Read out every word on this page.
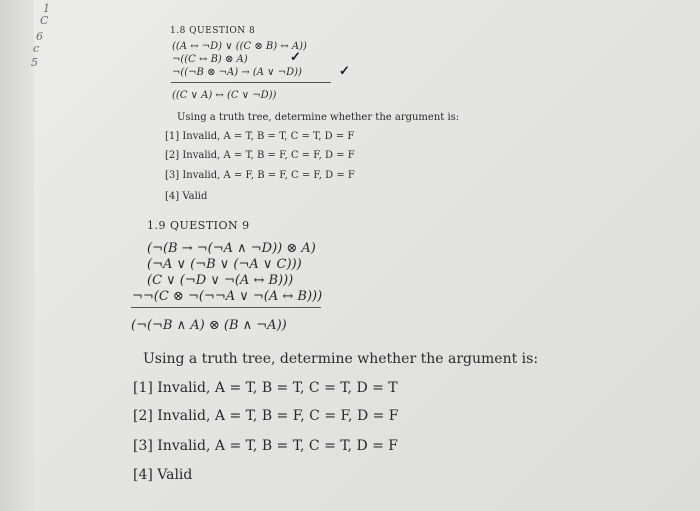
1
C
6
c
5
1.8 QUESTION 8
((A ↔ ¬D) ∨ ((C ⊗ B) ↔ A))
¬((C ↔ B) ⊗ A)	✓
¬((¬B ⊗ ¬A) → (A ∨ ¬D))	✓
((C ∨ A) ↔ (C ∨ ¬D))
Using a truth tree, determine whether the argument is:
[1] Invalid, A = T, B = T, C = T, D = F
[2] Invalid, A = T, B = F, C = F, D = F
[3] Invalid, A = F, B = F, C = F, D = F
[4] Valid
1.9 QUESTION 9
(¬(B → ¬(¬A ∧ ¬D)) ⊗ A)
(¬A ∨ (¬B ∨ (¬A ∨ C)))
(C ∨ (¬D ∨ ¬(A ↔ B)))
¬¬(C ⊗ ¬(¬¬A ∨ ¬(A ↔ B)))
(¬(¬B ∧ A) ⊗ (B ∧ ¬A))
Using a truth tree, determine whether the argument is:
[1] Invalid, A = T, B = T, C = T, D = T
[2] Invalid, A = T, B = F, C = F, D = F
[3] Invalid, A = T, B = T, C = T, D = F
[4] Valid
